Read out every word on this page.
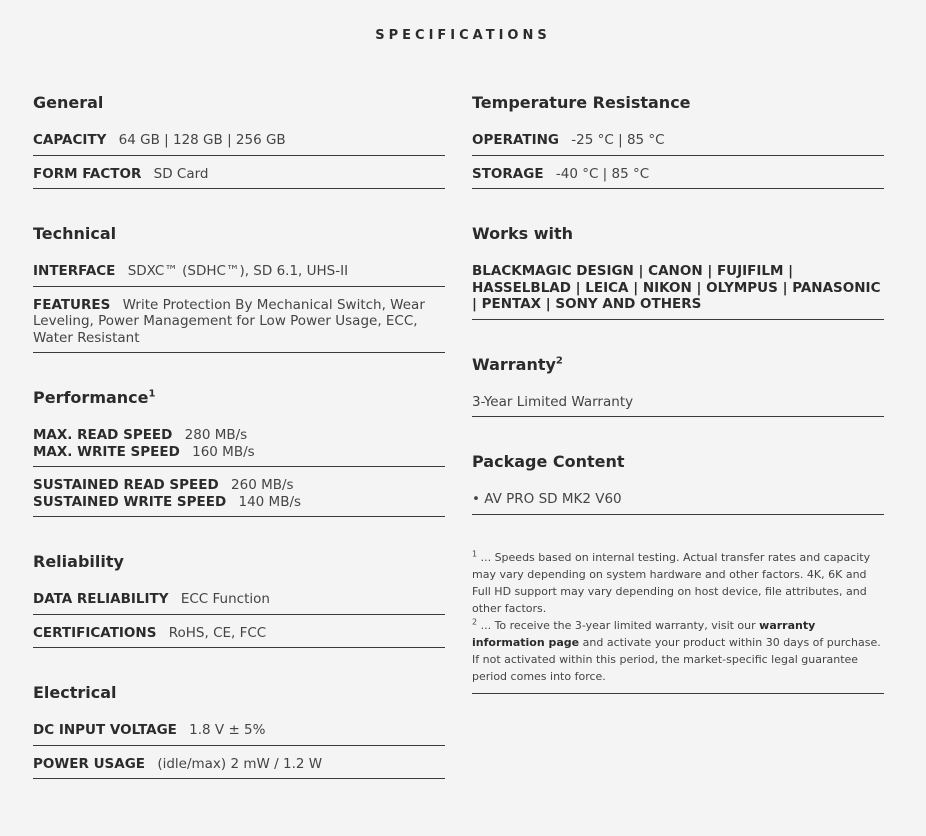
SPECIFICATIONS
General
CAPACITY 64 GB | 128 GB | 256 GB
FORM FACTOR SD Card
Technical
INTERFACE SDXC™ (SDHC™), SD 6.1, UHS-II
FEATURES Write Protection By Mechanical Switch, Wear Leveling, Power Management for Low Power Usage, ECC, Water Resistant
Performance$^1$
MAX. READ SPEED 280 MB/s
MAX. WRITE SPEED 160 MB/s
SUSTAINED READ SPEED 260 MB/s
SUSTAINED WRITE SPEED 140 MB/s
Reliability
DATA RELIABILITY ECC Function
CERTIFICATIONS RoHS, CE, FCC
Electrical
DC INPUT VOLTAGE 1.8 V ± 5%
POWER USAGE (idle/max) 2 mW / 1.2 W
Temperature Resistance
OPERATING -25 °C | 85 °C
STORAGE -40 °C | 85 °C
Works with
BLACKMAGIC DESIGN | CANON | FUJIFILM | HASSELBLAD | LEICA | NIKON | OLYMPUS | PANASONIC | PENTAX | SONY AND OTHERS
Warranty$^2$
3-Year Limited Warranty
Package Content
• AV PRO SD MK2 V60
$^1$ ... Speeds based on internal testing. Actual transfer rates and capacity may vary depending on system hardware and other factors. 4K, 6K and Full HD support may vary depending on host device, file attributes, and other factors.
$^2$ ... To receive the 3-year limited warranty, visit our warranty information page and activate your product within 30 days of purchase. If not activated within this period, the market-specific legal guarantee period comes into force.
